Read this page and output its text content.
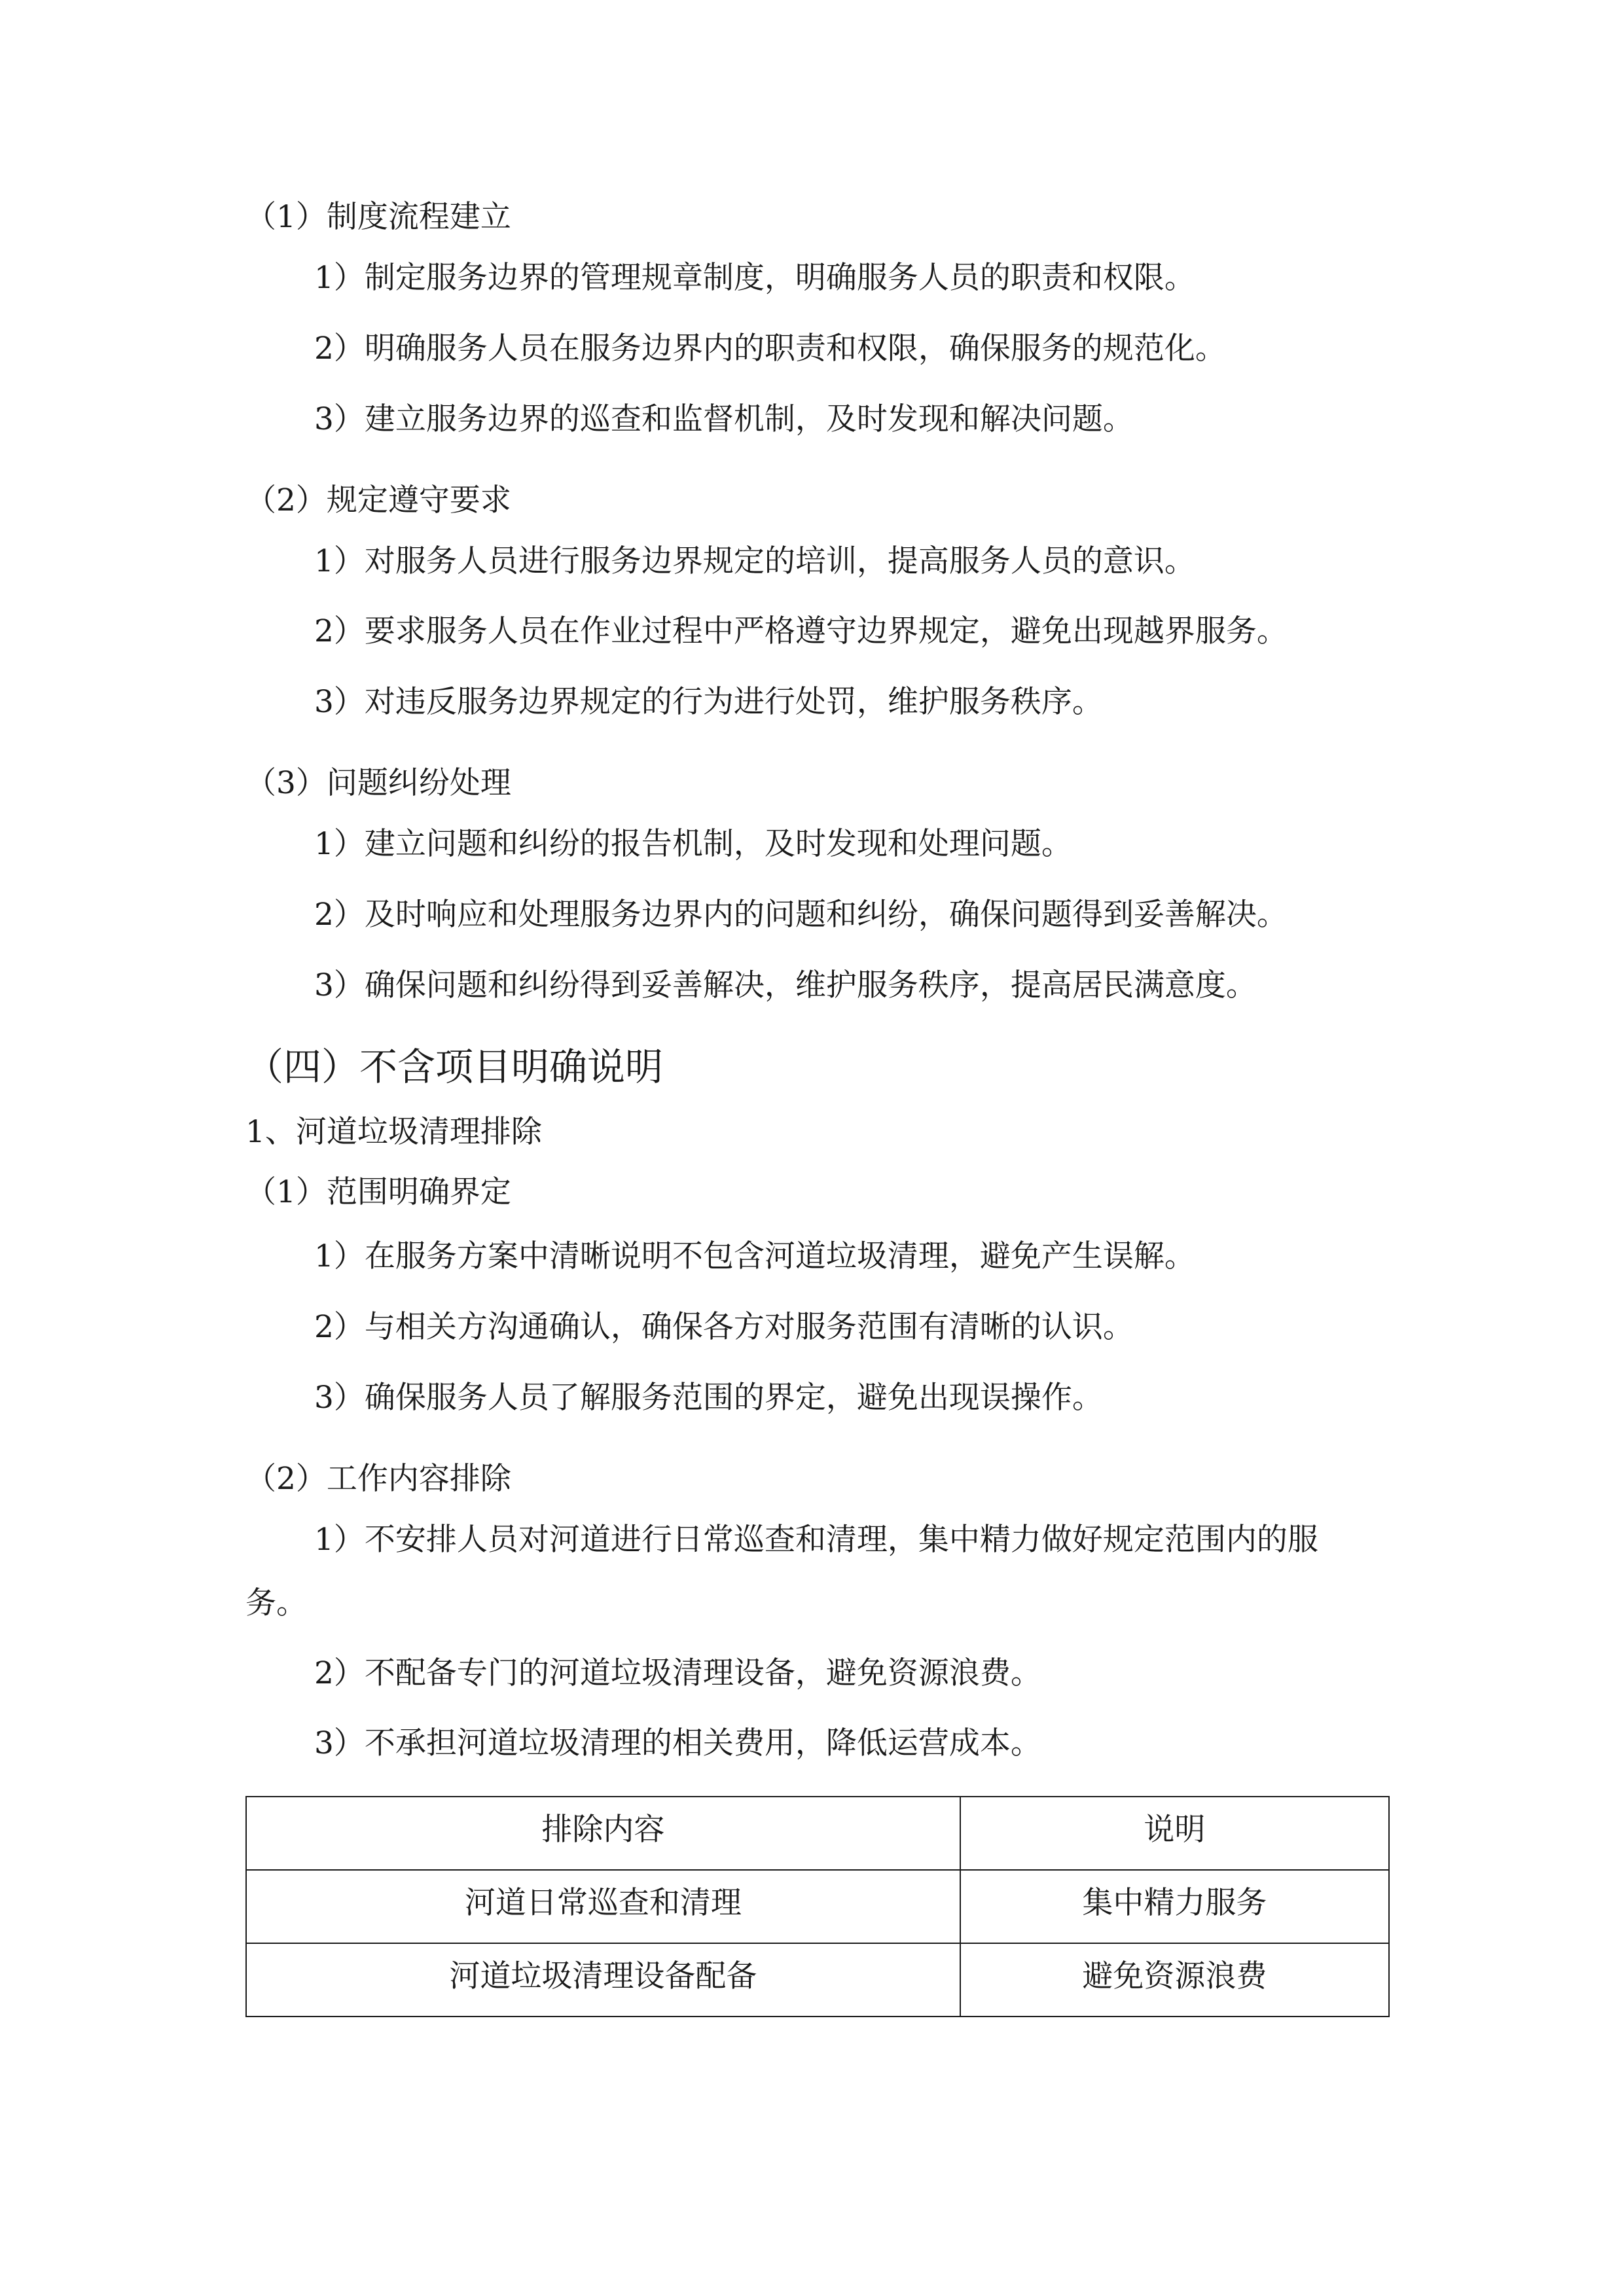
（1）制度流程建立
1）制定服务边界的管理规章制度，明确服务人员的职责和权限。
2）明确服务人员在服务边界内的职责和权限，确保服务的规范化。
3）建立服务边界的巡查和监督机制，及时发现和解决问题。
（2）规定遵守要求
1）对服务人员进行服务边界规定的培训，提高服务人员的意识。
2）要求服务人员在作业过程中严格遵守边界规定，避免出现越界服务。
3）对违反服务边界规定的行为进行处罚，维护服务秩序。
（3）问题纠纷处理
1）建立问题和纠纷的报告机制，及时发现和处理问题。
2）及时响应和处理服务边界内的问题和纠纷，确保问题得到妥善解决。
3）确保问题和纠纷得到妥善解决，维护服务秩序，提高居民满意度。
（四）不含项目明确说明
1、河道垃圾清理排除
（1）范围明确界定
1）在服务方案中清晰说明不包含河道垃圾清理，避免产生误解。
2）与相关方沟通确认，确保各方对服务范围有清晰的认识。
3）确保服务人员了解服务范围的界定，避免出现误操作。
（2）工作内容排除
1）不安排人员对河道进行日常巡查和清理，集中精力做好规定范围内的服
务。
2）不配备专门的河道垃圾清理设备，避免资源浪费。
3）不承担河道垃圾清理的相关费用，降低运营成本。
排除内容	说明
河道日常巡查和清理	集中精力服务
河道垃圾清理设备配备	避免资源浪费
